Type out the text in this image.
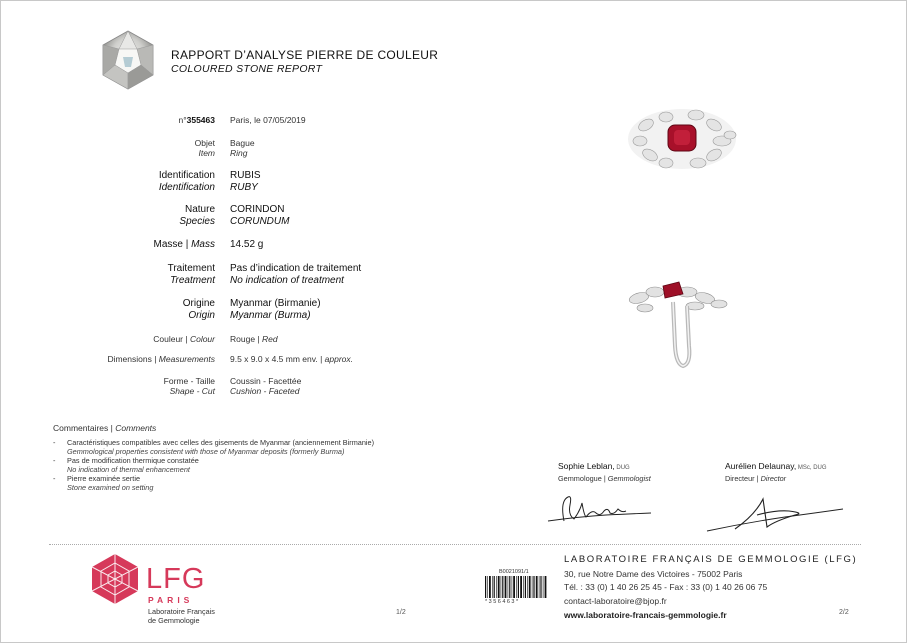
RAPPORT D’ANALYSE PIERRE DE COULEUR
COLOURED STONE REPORT
n°355463 Paris, le 07/05/2019
Objet
Item
Bague
Ring
Identification
Identification
RUBIS
RUBY
Nature
Species
CORINDON
CORUNDUM
Masse | Mass 14.52 g
Traitement
Treatment
Pas d’indication de traitement
No indication of treatment
Origine
Origin
Myanmar (Birmanie)
Myanmar (Burma)
Couleur | Colour Rouge | Red
Dimensions | Measurements 9.5 x 9.0 x 4.5 mm env. | approx.
Forme - Taille
Shape - Cut
Coussin - Facettée
Cushion - Faceted
Commentaires | Comments
- Caractéristiques compatibles avec celles des gisements de Myanmar (anciennement Birmanie)
Gemmological properties consistent with those of Myanmar deposits (formerly Burma)
- Pas de modification thermique constatée
No indication of thermal enhancement
- Pierre examinée sertie
Stone examined on setting
Sophie Leblan, DUG
Gemmologue | Gemmologist
Aurélien Delaunay, MSc, DUG
Directeur | Director
LFG
PARIS
Laboratoire Français
de Gemmologie
1/2
B0021091/1
*356463*
LABORATOIRE FRANÇAIS DE GEMMOLOGIE (LFG)
30, rue Notre Dame des Victoires - 75002 Paris
Tél. : 33 (0) 1 40 26 25 45 - Fax : 33 (0) 1 40 26 06 75
contact-laboratoire@bjop.fr
www.laboratoire-francais-gemmologie.fr	2/2
